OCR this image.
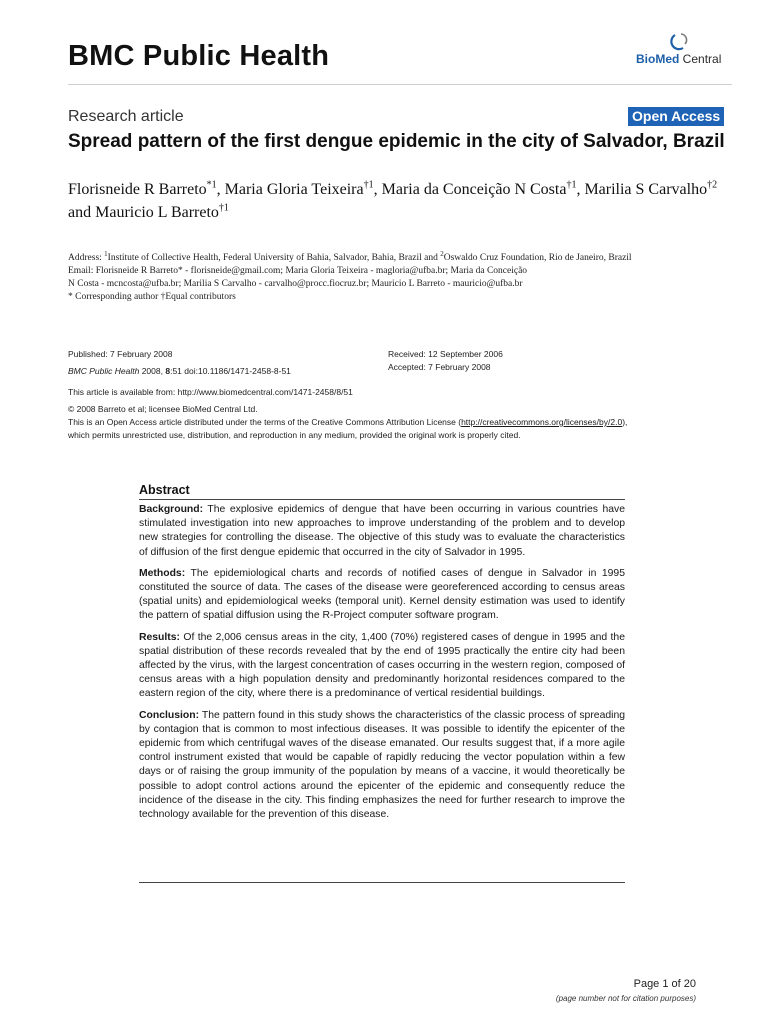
BMC Public Health	BioMed Central
Research article	Open Access
Spread pattern of the first dengue epidemic in the city of Salvador, Brazil
Florisneide R Barreto$^{*1}$, Maria Gloria Teixeira$^{\dagger 1}$, Maria da Conceição N Costa$^{\dagger 1}$, Marilia S Carvalho$^{\dagger 2}$ and Mauricio L Barreto$^{\dagger 1}$
Address: $^1$Institute of Collective Health, Federal University of Bahia, Salvador, Bahia, Brazil and $^2$Oswaldo Cruz Foundation, Rio de Janeiro, Brazil
Email: Florisneide R Barreto* - florisneide@gmail.com; Maria Gloria Teixeira - magloria@ufba.br; Maria da Conceição
N Costa - mcncosta@ufba.br; Marilia S Carvalho - carvalho@procc.fiocruz.br; Mauricio L Barreto - mauricio@ufba.br
* Corresponding author †Equal contributors
Published: 7 February 2008
BMC Public Health 2008, 8:51 doi:10.1186/1471-2458-8-51
Received: 12 September 2006
Accepted: 7 February 2008
This article is available from: http://www.biomedcentral.com/1471-2458/8/51
© 2008 Barreto et al; licensee BioMed Central Ltd.
This is an Open Access article distributed under the terms of the Creative Commons Attribution License (http://creativecommons.org/licenses/by/2.0),
which permits unrestricted use, distribution, and reproduction in any medium, provided the original work is properly cited.
Abstract

Background: The explosive epidemics of dengue that have been occurring in various countries have stimulated investigation into new approaches to improve understanding of the problem and to develop new strategies for controlling the disease. The objective of this study was to evaluate the characteristics of diffusion of the first dengue epidemic that occurred in the city of Salvador in 1995.

Methods: The epidemiological charts and records of notified cases of dengue in Salvador in 1995 constituted the source of data. The cases of the disease were georeferenced according to census areas (spatial units) and epidemiological weeks (temporal unit). Kernel density estimation was used to identify the pattern of spatial diffusion using the R-Project computer software program.

Results: Of the 2,006 census areas in the city, 1,400 (70%) registered cases of dengue in 1995 and the spatial distribution of these records revealed that by the end of 1995 practically the entire city had been affected by the virus, with the largest concentration of cases occurring in the western region, composed of census areas with a high population density and predominantly horizontal residences compared to the eastern region of the city, where there is a predominance of vertical residential buildings.

Conclusion: The pattern found in this study shows the characteristics of the classic process of spreading by contagion that is common to most infectious diseases. It was possible to identify the epicenter of the epidemic from which centrifugal waves of the disease emanated. Our results suggest that, if a more agile control instrument existed that would be capable of rapidly reducing the vector population within a few days or of raising the group immunity of the population by means of a vaccine, it would theoretically be possible to adopt control actions around the epicenter of the epidemic and consequently reduce the incidence of the disease in the city. This finding emphasizes the need for further research to improve the technology available for the prevention of this disease.

Page 1 of 20
(page number not for citation purposes)
